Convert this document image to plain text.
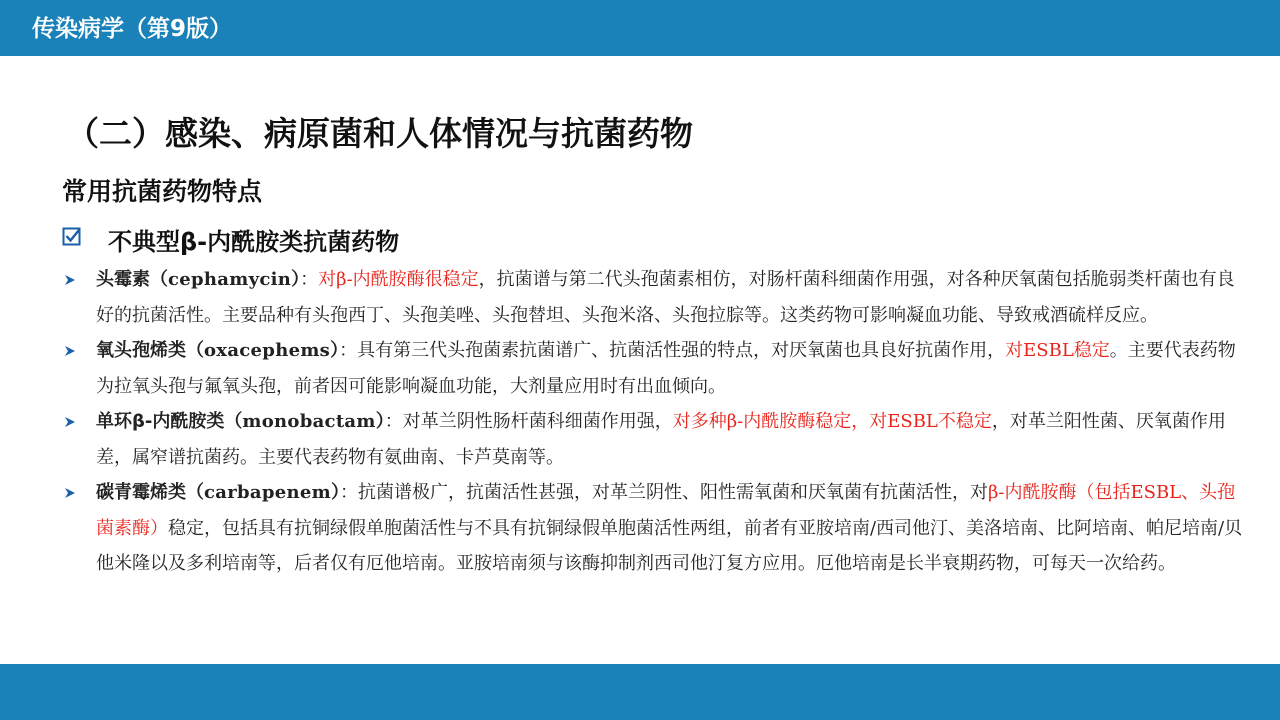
传染病学（第9版）
（二）感染、病原菌和人体情况与抗菌药物
常用抗菌药物特点
不典型β-内酰胺类抗菌药物

头霉素（cephamycin）：对β-内酰胺酶很稳定，抗菌谱与第二代头孢菌素相仿，对肠杆菌科细菌作用强，对各种厌氧菌包括脆弱类杆菌也有良好的抗菌活性。主要品种有头孢西丁、头孢美唑、头孢替坦、头孢米洛、头孢拉腙等。这类药物可影响凝血功能、导致戒酒硫样反应。

氧头孢烯类（oxacephems）：具有第三代头孢菌素抗菌谱广、抗菌活性强的特点，对厌氧菌也具良好抗菌作用，对ESBL稳定。主要代表药物为拉氧头孢与氟氧头孢，前者因可能影响凝血功能，大剂量应用时有出血倾向。

单环β-内酰胺类（monobactam）：对革兰阴性肠杆菌科细菌作用强，对多种β-内酰胺酶稳定，对ESBL不稳定，对革兰阳性菌、厌氧菌作用差，属窄谱抗菌药。主要代表药物有氨曲南、卡芦莫南等。

碳青霉烯类（carbapenem）：抗菌谱极广，抗菌活性甚强，对革兰阴性、阳性需氧菌和厌氧菌有抗菌活性，对β-内酰胺酶（包括ESBL、头孢菌素酶）稳定，包括具有抗铜绿假单胞菌活性与不具有抗铜绿假单胞菌活性两组，前者有亚胺培南/西司他汀、美洛培南、比阿培南、帕尼培南/贝他米隆以及多利培南等，后者仅有厄他培南。亚胺培南须与该酶抑制剂西司他汀复方应用。厄他培南是长半衰期药物，可每天一次给药。
